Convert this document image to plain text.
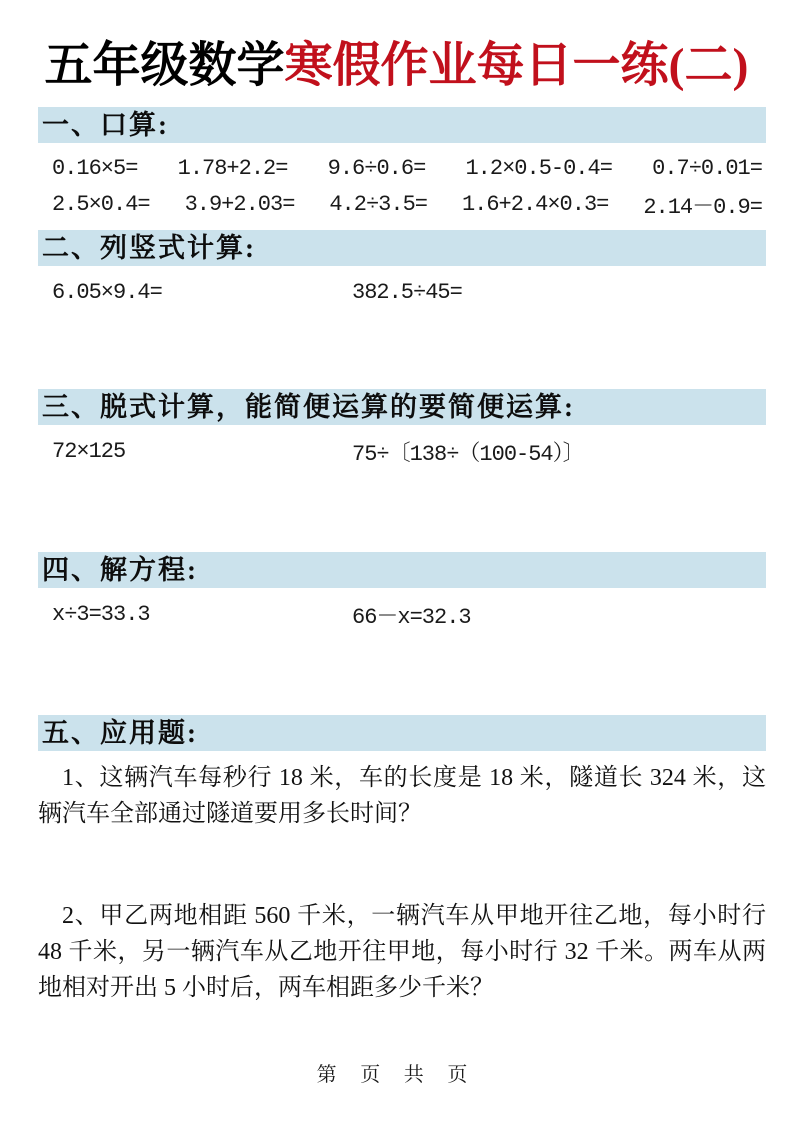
五年级数学寒假作业每日一练(二)
一、口算:
0.16×5= 1.78+2.2= 9.6÷0.6= 1.2×0.5-0.4= 0.7÷0.01=
2.5×0.4= 3.9+2.03= 4.2÷3.5= 1.6+2.4×0.3= 2.14－0.9=
二、列竖式计算:
6.05×9.4=	382.5÷45=
三、脱式计算，能简便运算的要简便运算:
72×125	75÷〔138÷（100-54）〕
四、解方程:
x÷3=33.3	66－x=32.3
五、应用题:

1、这辆汽车每秒行 18 米，车的长度是 18 米，隧道长 324 米，这辆汽车全部通过隧道要用多长时间？

2、甲乙两地相距 560 千米，一辆汽车从甲地开往乙地，每小时行 48 千米，另一辆汽车从乙地开往甲地，每小时行 32 千米。两车从两地相对开出 5 小时后，两车相距多少千米？

第 页 共 页
